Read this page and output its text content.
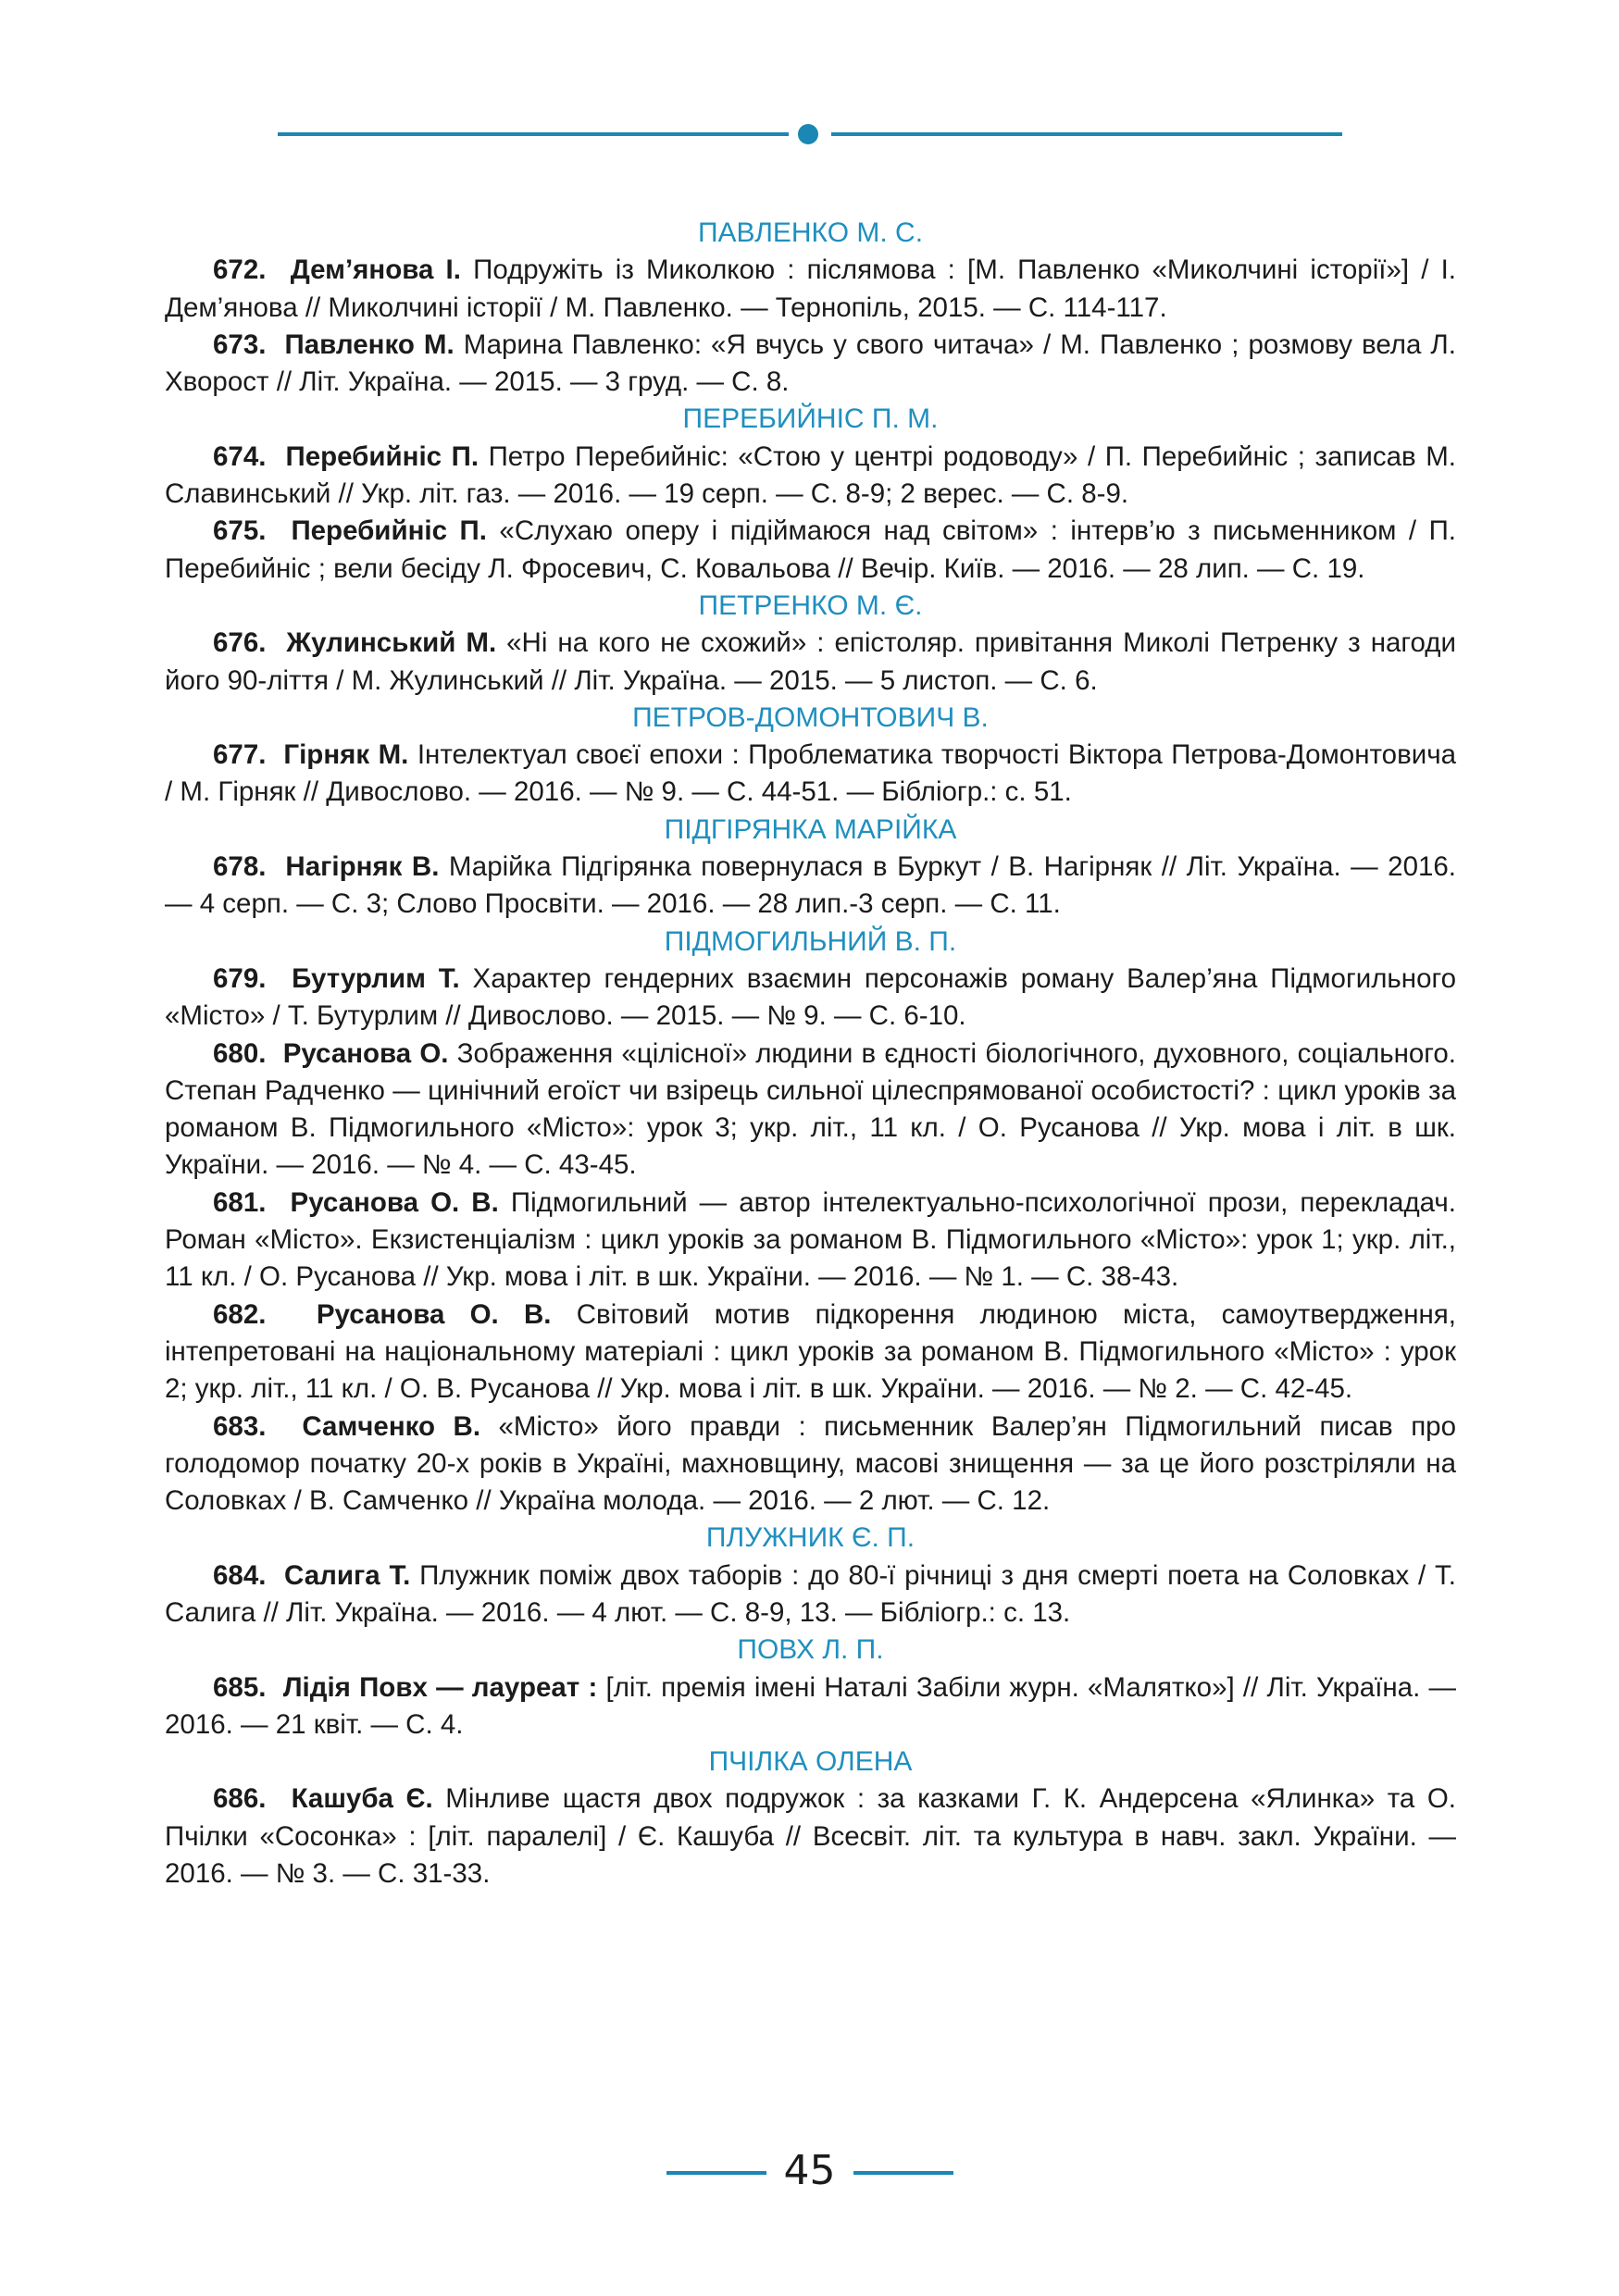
ПАВЛЕНКО М. С.

672. Дем’янова І. Подружіть із Миколкою : післямова : [М. Павленко «Миколчині історії»] / І. Дем’янова // Миколчині історії / М. Павленко. — Тернопіль, 2015. — С. 114-117.

673. Павленко М. Марина Павленко: «Я вчусь у свого читача» / М. Павленко ; розмову вела Л. Хворост // Літ. Україна. — 2015. — 3 груд. — С. 8.

ПЕРЕБИЙНІС П. М.

674. Перебийніс П. Петро Перебийніс: «Стою у центрі родоводу» / П. Перебийніс ; записав М. Славинський // Укр. літ. газ. — 2016. — 19 серп. — С. 8-9; 2 верес. — С. 8-9.

675. Перебийніс П. «Слухаю оперу і підіймаюся над світом» : інтерв’ю з письменником / П. Перебийніс ; вели бесіду Л. Фросевич, С. Ковальова // Вечір. Київ. — 2016. — 28 лип. — С. 19.

ПЕТРЕНКО М. Є.

676. Жулинський М. «Ні на кого не схожий» : епістоляр. привітання Миколі Петренку з нагоди його 90-ліття / М. Жулинський // Літ. Україна. — 2015. — 5 листоп. — С. 6.

ПЕТРОВ-ДОМОНТОВИЧ В.

677. Гірняк М. Інтелектуал своєї епохи : Проблематика творчості Віктора Петрова-Домонтовича / М. Гірняк // Дивослово. — 2016. — № 9. — С. 44-51. — Бібліогр.: с. 51.

ПІДГІРЯНКА МАРІЙКА

678. Нагірняк В. Марійка Підгірянка повернулася в Буркут / В. Нагірняк // Літ. Україна. — 2016. — 4 серп. — С. 3; Слово Просвіти. — 2016. — 28 лип.-3 серп. — С. 11.

ПІДМОГИЛЬНИЙ В. П.

679. Бутурлим Т. Характер гендерних взаємин персонажів роману Валер’яна Підмогильного «Місто» / Т. Бутурлим // Дивослово. — 2015. — № 9. — С. 6-10.

680. Русанова О. Зображення «цілісної» людини в єдності біологічного, духовного, соціального. Степан Радченко — цинічний егоїст чи взірець сильної цілеспрямованої особистості? : цикл уроків за романом В. Підмогильного «Місто»: урок 3; укр. літ., 11 кл. / О. Русанова // Укр. мова і літ. в шк. України. — 2016. — № 4. — С. 43-45.

681. Русанова О. В. Підмогильний — автор інтелектуально-психологічної прози, перекладач. Роман «Місто». Екзистенціалізм : цикл уроків за романом В. Підмогильного «Місто»: урок 1; укр. літ., 11 кл. / О. Русанова // Укр. мова і літ. в шк. України. — 2016. — № 1. — С. 38-43.

682. Русанова О. В. Світовий мотив підкорення людиною міста, самоутвердження, інтепретовані на національному матеріалі : цикл уроків за романом В. Підмогильного «Місто» : урок 2; укр. літ., 11 кл. / О. В. Русанова // Укр. мова і літ. в шк. України. — 2016. — № 2. — С. 42-45.

683. Самченко В. «Місто» його правди : письменник Валер’ян Підмогильний писав про голодомор початку 20-х років в Україні, махновщину, масові знищення — за це його розстріляли на Соловках / В. Самченко // Україна молода. — 2016. — 2 лют. — С. 12.

ПЛУЖНИК Є. П.

684. Салига Т. Плужник поміж двох таборів : до 80-ї річниці з дня смерті поета на Соловках / Т. Салига // Літ. Україна. — 2016. — 4 лют. — С. 8-9, 13. — Бібліогр.: с. 13.

ПОВХ Л. П.

685. Лідія Повх — лауреат : [літ. премія імені Наталі Забіли журн. «Малятко»] // Літ. Україна. — 2016. — 21 квіт. — С. 4.

ПЧІЛКА ОЛЕНА

686. Кашуба Є. Мінливе щастя двох подружок : за казками Г. К. Андерсена «Ялинка» та О. Пчілки «Сосонка» : [літ. паралелі] / Є. Кашуба // Всесвіт. літ. та культура в навч. закл. України. — 2016. — № 3. — С. 31-33.

45
